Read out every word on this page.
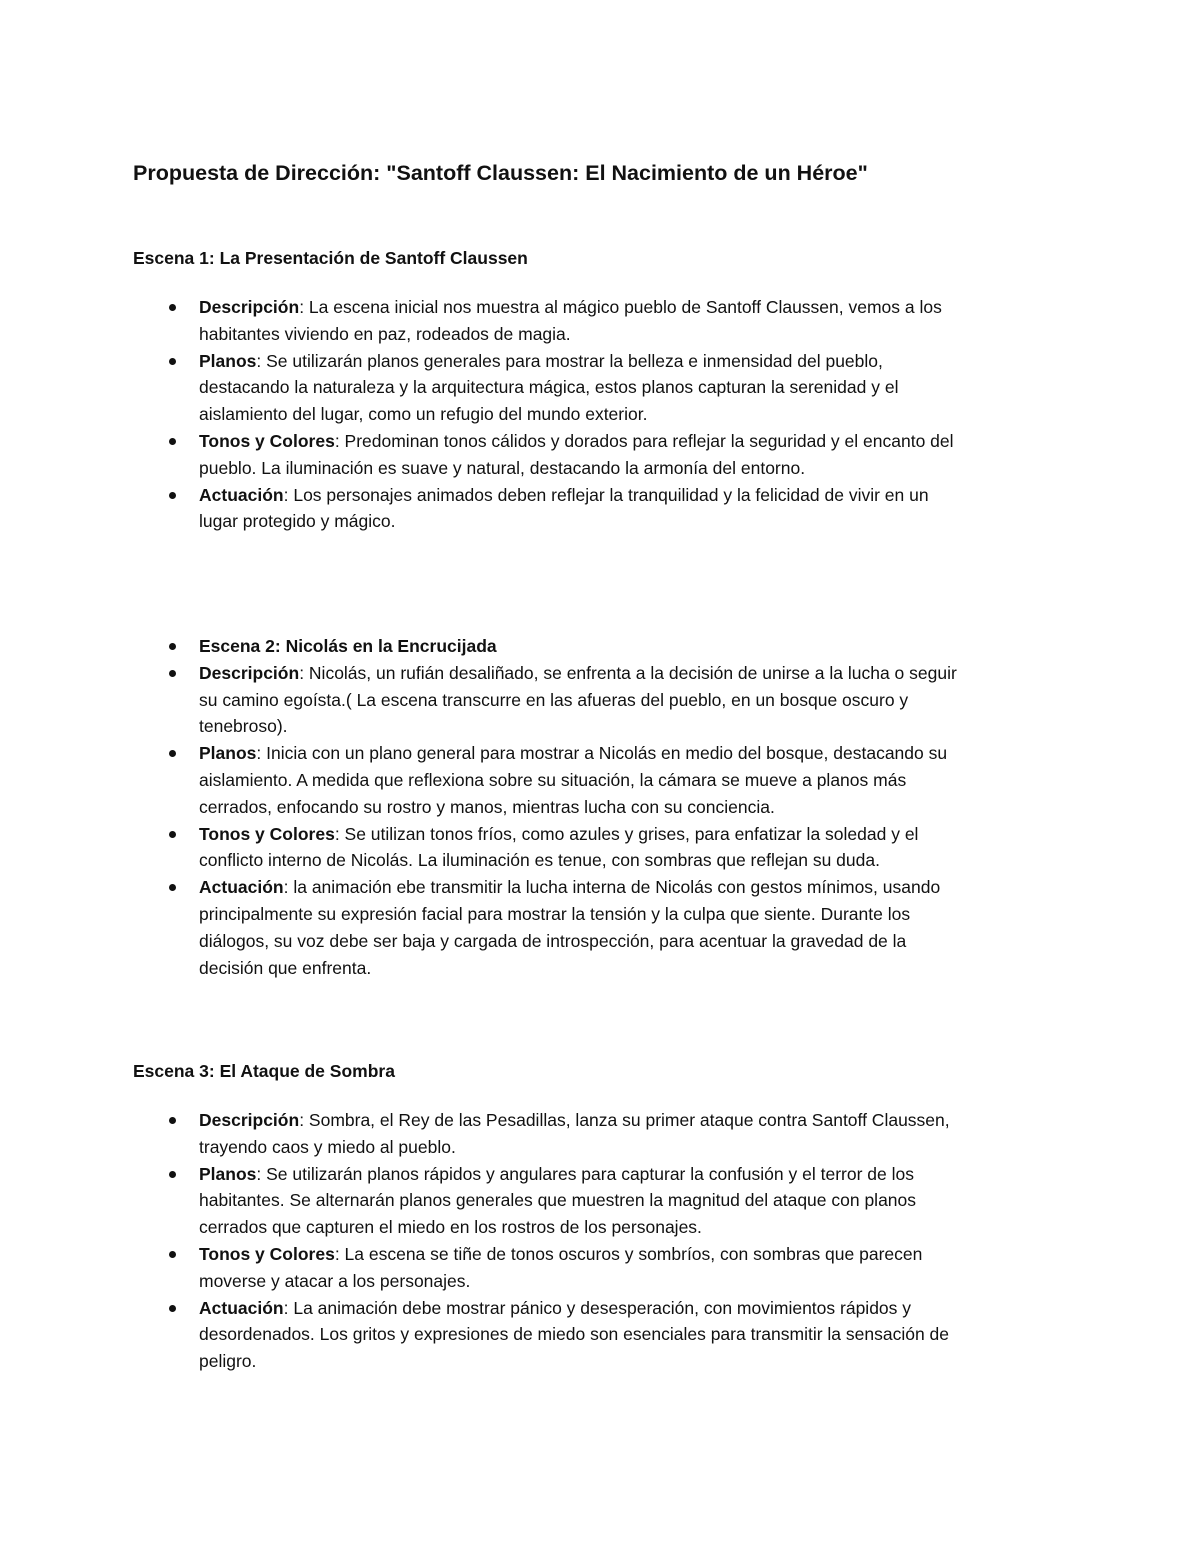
Propuesta de Dirección: "Santoff Claussen: El Nacimiento de un Héroe"
Escena 1: La Presentación de Santoff Claussen
Descripción: La escena inicial nos muestra al mágico pueblo de Santoff Claussen, vemos a los habitantes viviendo en paz, rodeados de magia.
Planos: Se utilizarán planos generales para mostrar la belleza e inmensidad del pueblo, destacando la naturaleza y la arquitectura mágica, estos planos capturan la serenidad y el aislamiento del lugar, como un refugio del mundo exterior.
Tonos y Colores: Predominan tonos cálidos y dorados para reflejar la seguridad y el encanto del pueblo. La iluminación es suave y natural, destacando la armonía del entorno.
Actuación: Los personajes animados deben reflejar la tranquilidad y la felicidad de vivir en un lugar protegido y mágico.
Escena 2: Nicolás en la Encrucijada
Descripción: Nicolás, un rufián desaliñado, se enfrenta a la decisión de unirse a la lucha o seguir su camino egoísta.( La escena transcurre en las afueras del pueblo, en un bosque oscuro y tenebroso).
Planos: Inicia con un plano general para mostrar a Nicolás en medio del bosque, destacando su aislamiento. A medida que reflexiona sobre su situación, la cámara se mueve a planos más cerrados, enfocando su rostro y manos, mientras lucha con su conciencia.
Tonos y Colores: Se utilizan tonos fríos, como azules y grises, para enfatizar la soledad y el conflicto interno de Nicolás. La iluminación es tenue, con sombras que reflejan su duda.
Actuación: la animación ebe transmitir la lucha interna de Nicolás con gestos mínimos, usando principalmente su expresión facial para mostrar la tensión y la culpa que siente. Durante los diálogos, su voz debe ser baja y cargada de introspección, para acentuar la gravedad de la decisión que enfrenta.
Escena 3: El Ataque de Sombra
Descripción: Sombra, el Rey de las Pesadillas, lanza su primer ataque contra Santoff Claussen, trayendo caos y miedo al pueblo.
Planos: Se utilizarán planos rápidos y angulares para capturar la confusión y el terror de los habitantes. Se alternarán planos generales que muestren la magnitud del ataque con planos cerrados que capturen el miedo en los rostros de los personajes.
Tonos y Colores: La escena se tiñe de tonos oscuros y sombríos, con sombras que parecen moverse y atacar a los personajes.
Actuación: La animación debe mostrar pánico y desesperación, con movimientos rápidos y desordenados. Los gritos y expresiones de miedo son esenciales para transmitir la sensación de peligro.
